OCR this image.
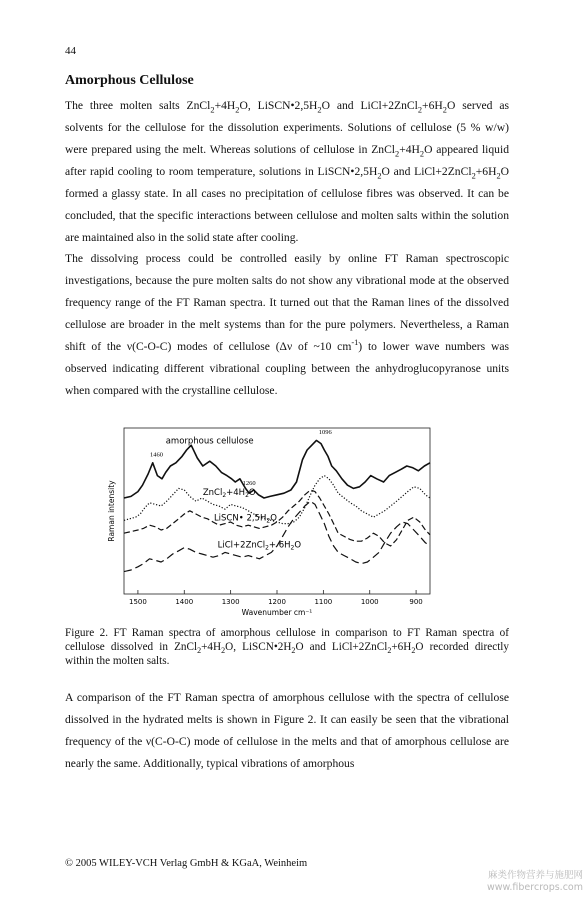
44
Amorphous Cellulose

The three molten salts $ZnCl_2+4H_2O$, $LiSCN•2,5H_2O$ and $LiCl+2ZnCl_2+6H_2O$ served as solvents for the cellulose for the dissolution experiments. Solutions of cellulose (5 % w/w) were prepared using the melt. Whereas solutions of cellulose in $ZnCl_2+4H_2O$ appeared liquid after rapid cooling to room temperature, solutions in $LiSCN•2,5H_2O$ and $LiCl+2ZnCl_2+6H_2O$ formed a glassy state. In all cases no precipitation of cellulose fibres was observed. It can be concluded, that the specific interactions between cellulose and molten salts within the solution are maintained also in the solid state after cooling.

The dissolving process could be controlled easily by online FT Raman spectroscopic investigations, because the pure molten salts do not show any vibrational mode at the observed frequency range of the FT Raman spectra. It turned out that the Raman lines of the dissolved cellulose are broader in the melt systems than for the pure polymers. Nevertheless, a Raman shift of the ν(C-O-C) modes of cellulose (Δν of ~10 $cm^{-1}$) to lower wave numbers was observed indicating different vibrational coupling between the anhydroglucopyranose units when compared with the crystalline cellulose.

1500	1400	1300	1200	1100	1000	900
Wavenumber cm⁻¹
Raman intensity
amorphous cellulose
$ZnCl_2+4H_2O$
LiSCN• $2,5H_2O$
LiCl+2ZnCl$_2$+ $6H_2O$
1460
1260
1096

Figure 2. FT Raman spectra of amorphous cellulose in comparison to FT Raman spectra of cellulose dissolved in $ZnCl_2+4H_2O$, $LiSCN•2H_2O$ and $LiCl+2ZnCl_2+6H_2O$ recorded directly within the molten salts.

A comparison of the FT Raman spectra of amorphous cellulose with the spectra of cellulose dissolved in the hydrated melts is shown in Figure 2. It can easily be seen that the vibrational frequency of the ν(C-O-C) mode of cellulose in the melts and that of amorphous cellulose are nearly the same. Additionally, typical vibrations of amorphous

© 2005 WILEY-VCH Verlag GmbH & KGaA, Weinheim
麻类作物营养与施肥网
www.fibercrops.com
